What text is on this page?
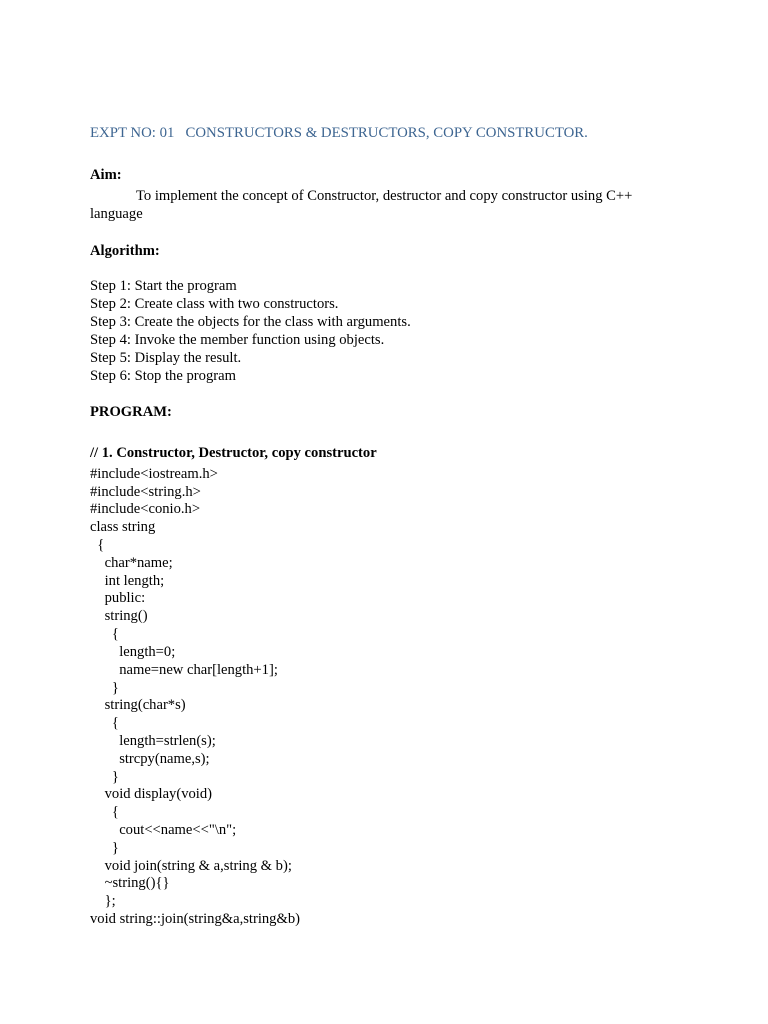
EXPT NO: 01   CONSTRUCTORS & DESTRUCTORS, COPY CONSTRUCTOR.
Aim:
To implement the concept of Constructor, destructor and copy constructor using C++
language
Algorithm:
Step 1: Start the program
Step 2: Create class with two constructors.
Step 3: Create the objects for the class with arguments.
Step 4: Invoke the member function using objects.
Step 5: Display the result.
Step 6: Stop the program
PROGRAM:
// 1. Constructor, Destructor, copy constructor
#include<iostream.h>
#include<string.h>
#include<conio.h>
class string
{
char*name;
int length;
public:
string()
{
length=0;
name=new char[length+1];
}
string(char*s)
{
length=strlen(s);
strcpy(name,s);
}
void display(void)
{
cout<<name<<"\n";
}
void join(string & a,string & b);
~string(){}
};
void string::join(string&a,string&b)
